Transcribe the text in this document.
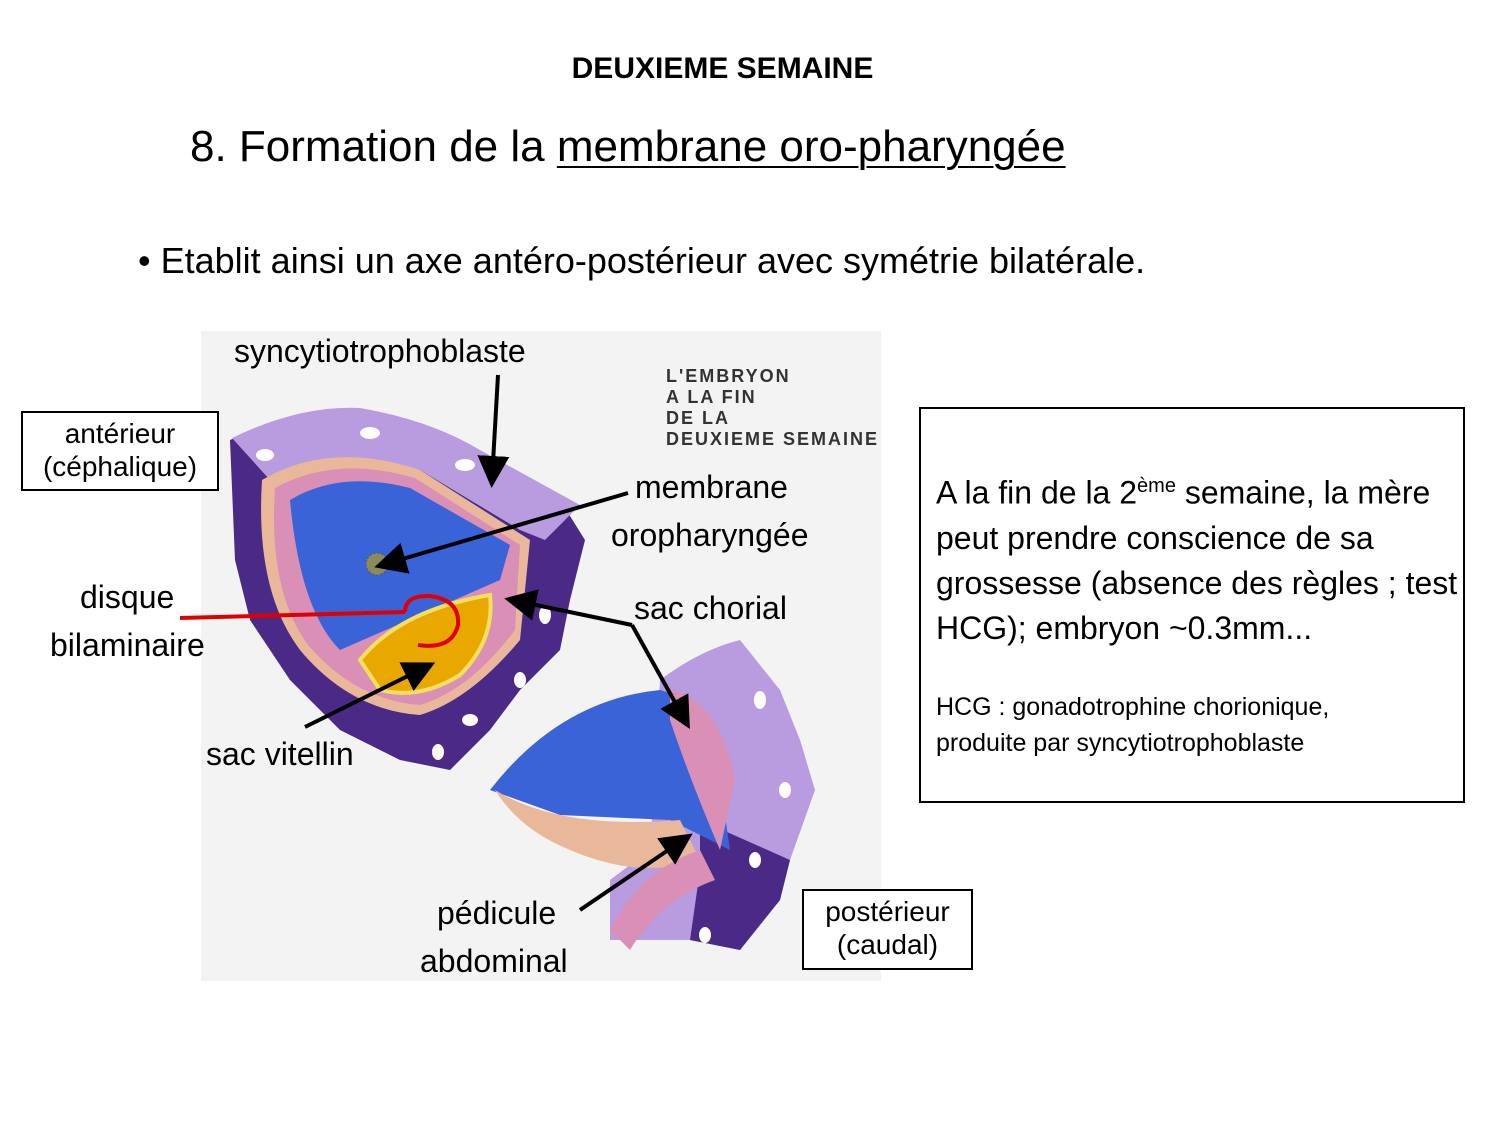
DEUXIEME SEMAINE
8. Formation de la membrane oro-pharyngée
• Etablit ainsi un axe antéro-postérieur avec symétrie bilatérale.
L'EMBRYON
A LA FIN
DE LA
DEUXIEME SEMAINE
syncytiotrophoblaste
membrane
oropharyngée
disque
bilaminaire
sac chorial
sac vitellin
pédicule
abdominal
antérieur
(céphalique)
postérieur
(caudal)
A la fin de la 2ème semaine, la mère peut prendre conscience de sa grossesse (absence des règles ; test HCG); embryon ~0.3mm...
HCG : gonadotrophine chorionique, produite par syncytiotrophoblaste
